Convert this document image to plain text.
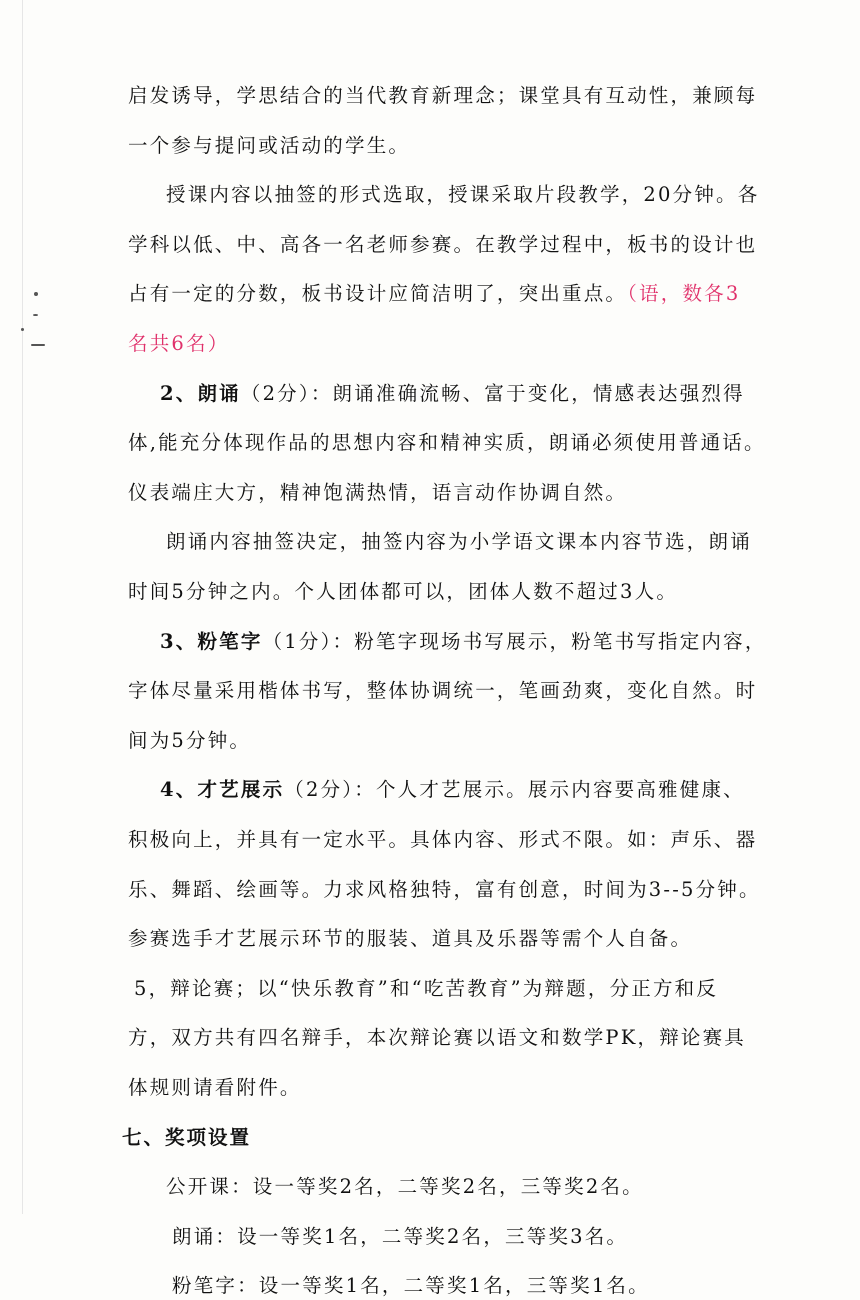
启发诱导，学思结合的当代教育新理念；课堂具有互动性，兼顾每
一个参与提问或活动的学生。
授课内容以抽签的形式选取，授课采取片段教学，20分钟。各
学科以低、中、高各一名老师参赛。在教学过程中，板书的设计也
占有一定的分数，板书设计应简洁明了，突出重点。（语，数各3
名共6名）
2、朗诵（2分）：朗诵准确流畅、富于变化，情感表达强烈得
体,能充分体现作品的思想内容和精神实质，朗诵必须使用普通话。
仪表端庄大方，精神饱满热情，语言动作协调自然。
朗诵内容抽签决定，抽签内容为小学语文课本内容节选，朗诵
时间5分钟之内。个人团体都可以，团体人数不超过3人。
3、粉笔字（1分）：粉笔字现场书写展示，粉笔书写指定内容，
字体尽量采用楷体书写，整体协调统一，笔画劲爽，变化自然。时
间为5分钟。
4、才艺展示（2分）：个人才艺展示。展示内容要高雅健康、
积极向上，并具有一定水平。具体内容、形式不限。如：声乐、器
乐、舞蹈、绘画等。力求风格独特，富有创意，时间为3--5分钟。
参赛选手才艺展示环节的服装、道具及乐器等需个人自备。
5，辩论赛；以“快乐教育”和“吃苦教育”为辩题，分正方和反
方，双方共有四名辩手，本次辩论赛以语文和数学PK，辩论赛具
体规则请看附件。
七、奖项设置
公开课：设一等奖2名，二等奖2名，三等奖2名。
朗诵：设一等奖1名，二等奖2名，三等奖3名。
粉笔字：设一等奖1名，二等奖1名，三等奖1名。
